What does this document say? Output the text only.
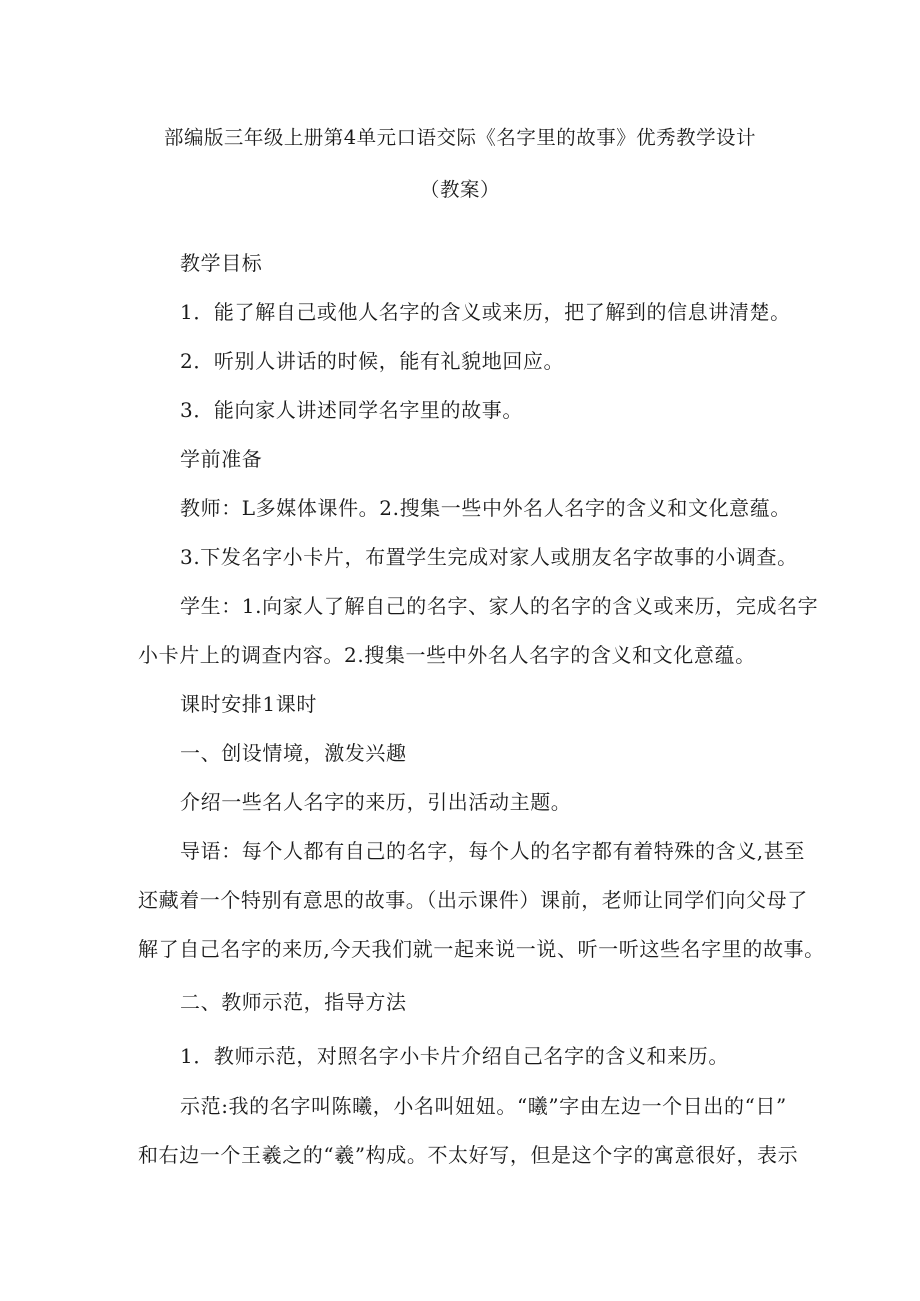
部编版三年级上册第4单元口语交际《名字里的故事》优秀教学设计
（教案）
教学目标
1．能了解自己或他人名字的含义或来历，把了解到的信息讲清楚。
2．听别人讲话的时候，能有礼貌地回应。
3．能向家人讲述同学名字里的故事。
学前准备
教师：L多媒体课件。2.搜集一些中外名人名字的含义和文化意蕴。
3.下发名字小卡片，布置学生完成对家人或朋友名字故事的小调查。
学生：1.向家人了解自己的名字、家人的名字的含义或来历，完成名字
小卡片上的调查内容。2.搜集一些中外名人名字的含义和文化意蕴。
课时安排1课时
一、创设情境，激发兴趣
介绍一些名人名字的来历，引出活动主题。
导语：每个人都有自己的名字，每个人的名字都有着特殊的含义,甚至
还藏着一个特别有意思的故事。（出示课件）课前，老师让同学们向父母了
解了自己名字的来历,今天我们就一起来说一说、听一听这些名字里的故事。
二、教师示范，指导方法
1．教师示范，对照名字小卡片介绍自己名字的含义和来历。
示范:我的名字叫陈曦，小名叫妞妞。“曦”字由左边一个日出的“日”
和右边一个王羲之的“羲”构成。不太好写，但是这个字的寓意很好，表示
